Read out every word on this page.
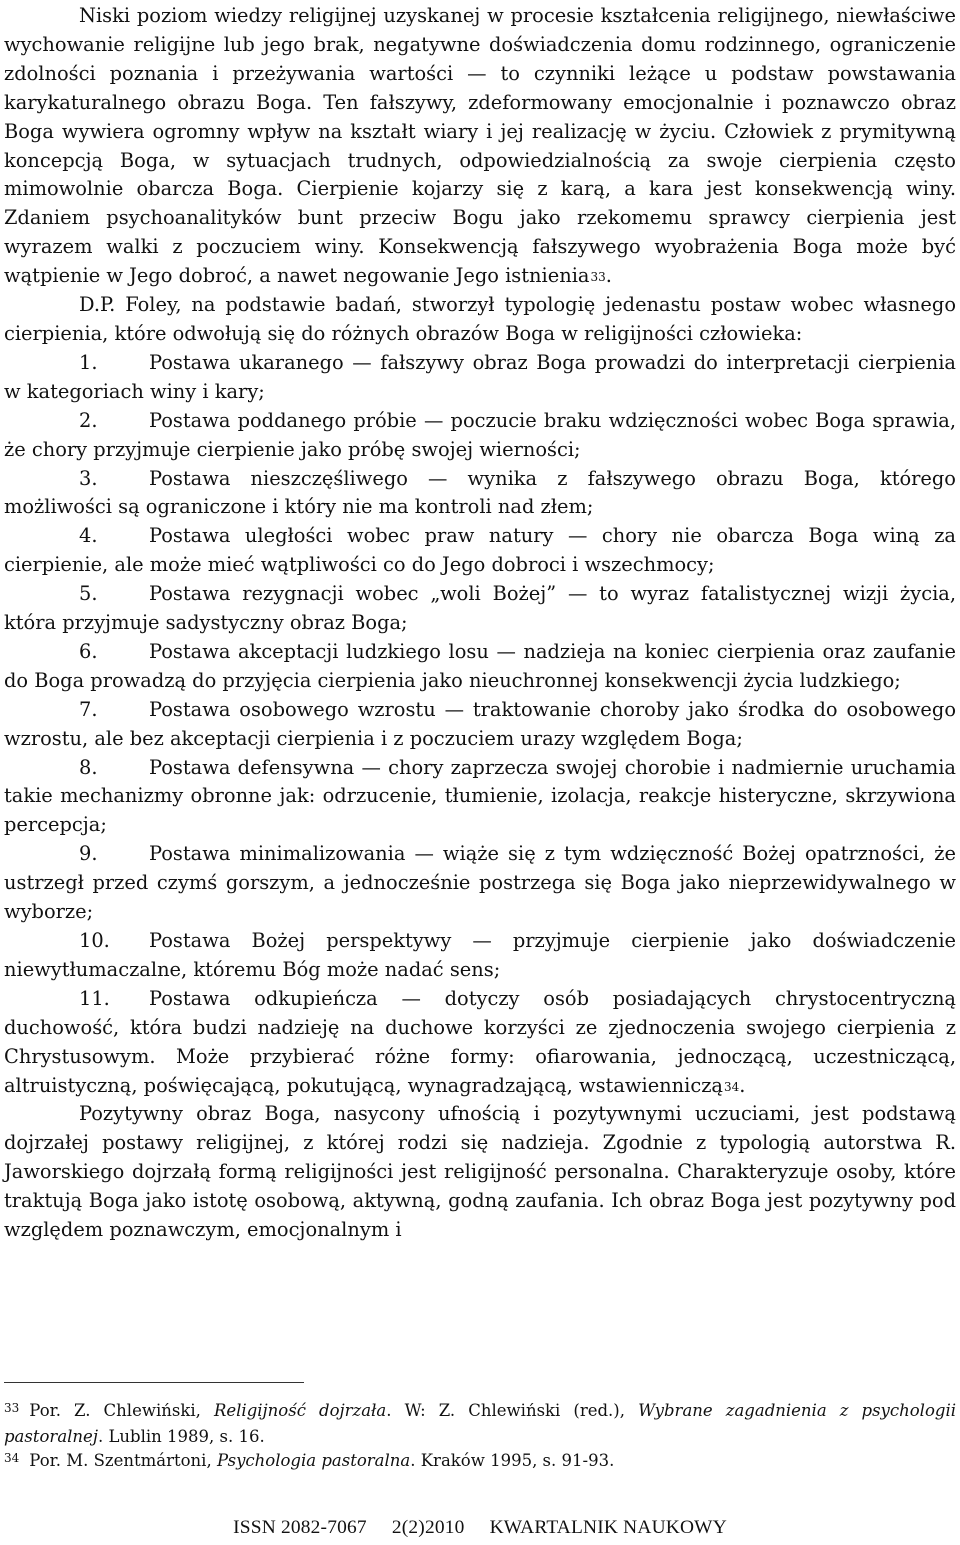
Niski poziom wiedzy religijnej uzyskanej w procesie kształcenia religijnego, niewłaściwe wychowanie religijne lub jego brak, negatywne doświadczenia domu rodzinnego, ograniczenie zdolności poznania i przeżywania wartości — to czynniki leżące u podstaw powstawania karykaturalnego obrazu Boga. Ten fałszywy, zdeformowany emocjonalnie i poznawczo obraz Boga wywiera ogromny wpływ na kształt wiary i jej realizację w życiu. Człowiek z prymitywną koncepcją Boga, w sytuacjach trudnych, odpowiedzialnością za swoje cierpienia często mimowolnie obarcza Boga. Cierpienie kojarzy się z karą, a kara jest konsekwencją winy. Zdaniem psychoanalityków bunt przeciw Bogu jako rzekomemu sprawcy cierpienia jest wyrazem walki z poczuciem winy. Konsekwencją fałszywego wyobrażenia Boga może być wątpienie w Jego dobroć, a nawet negowanie Jego istnienia$^{33}$.

D.P. Foley, na podstawie badań, stworzył typologię jedenastu postaw wobec własnego cierpienia, które odwołują się do różnych obrazów Boga w religijności człowieka:

1.	Postawa ukaranego — fałszywy obraz Boga prowadzi do interpretacji cierpienia w kategoriach winy i kary;

2.	Postawa poddanego próbie — poczucie braku wdzięczności wobec Boga sprawia, że chory przyjmuje cierpienie jako próbę swojej wierności;

3.	Postawa nieszczęśliwego — wynika z fałszywego obrazu Boga, którego możliwości są ograniczone i który nie ma kontroli nad złem;

4.	Postawa uległości wobec praw natury — chory nie obarcza Boga winą za cierpienie, ale może mieć wątpliwości co do Jego dobroci i wszechmocy;

5.	Postawa rezygnacji wobec „woli Bożej” — to wyraz fatalistycznej wizji życia, która przyjmuje sadystyczny obraz Boga;

6.	Postawa akceptacji ludzkiego losu — nadzieja na koniec cierpienia oraz zaufanie do Boga prowadzą do przyjęcia cierpienia jako nieuchronnej konsekwencji życia ludzkiego;

7.	Postawa osobowego wzrostu — traktowanie choroby jako środka do osobowego wzrostu, ale bez akceptacji cierpienia i z poczuciem urazy względem Boga;

8.	Postawa defensywna — chory zaprzecza swojej chorobie i nadmiernie uruchamia takie mechanizmy obronne jak: odrzucenie, tłumienie, izolacja, reakcje histeryczne, skrzywiona percepcja;

9.	Postawa minimalizowania — wiąże się z tym wdzięczność Bożej opatrzności, że ustrzegł przed czymś gorszym, a jednocześnie postrzega się Boga jako nieprzewidywalnego w wyborze;

10. Postawa Bożej perspektywy — przyjmuje cierpienie jako doświadczenie niewytłumaczalne, któremu Bóg może nadać sens;

11. Postawa odkupieńcza — dotyczy osób posiadających chrystocentryczną duchowość, która budzi nadzieję na duchowe korzyści ze zjednoczenia swojego cierpienia z Chrystusowym. Może przybierać różne formy: ofiarowania, jednoczącą, uczestniczącą, altruistyczną, poświęcającą, pokutującą, wynagradzającą, wstawienniczą$^{34}$.

Pozytywny obraz Boga, nasycony ufnością i pozytywnymi uczuciami, jest podstawą dojrzałej postawy religijnej, z której rodzi się nadzieja. Zgodnie z typologią autorstwa R. Jaworskiego dojrzałą formą religijności jest religijność personalna. Charakteryzuje osoby, które traktują Boga jako istotę osobową, aktywną, godną zaufania. Ich obraz Boga jest pozytywny pod względem poznawczym, emocjonalnym i

$^{33}$ Por. Z. Chlewiński, Religijność dojrzała. W: Z. Chlewiński (red.), Wybrane zagadnienia z psychologii pastoralnej. Lublin 1989, s. 16.

$^{34}$ Por. M. Szentmártoni, Psychologia pastoralna. Kraków 1995, s. 91-93.

ISSN 2082-7067 2(2)2010 KWARTALNIK NAUKOWY
